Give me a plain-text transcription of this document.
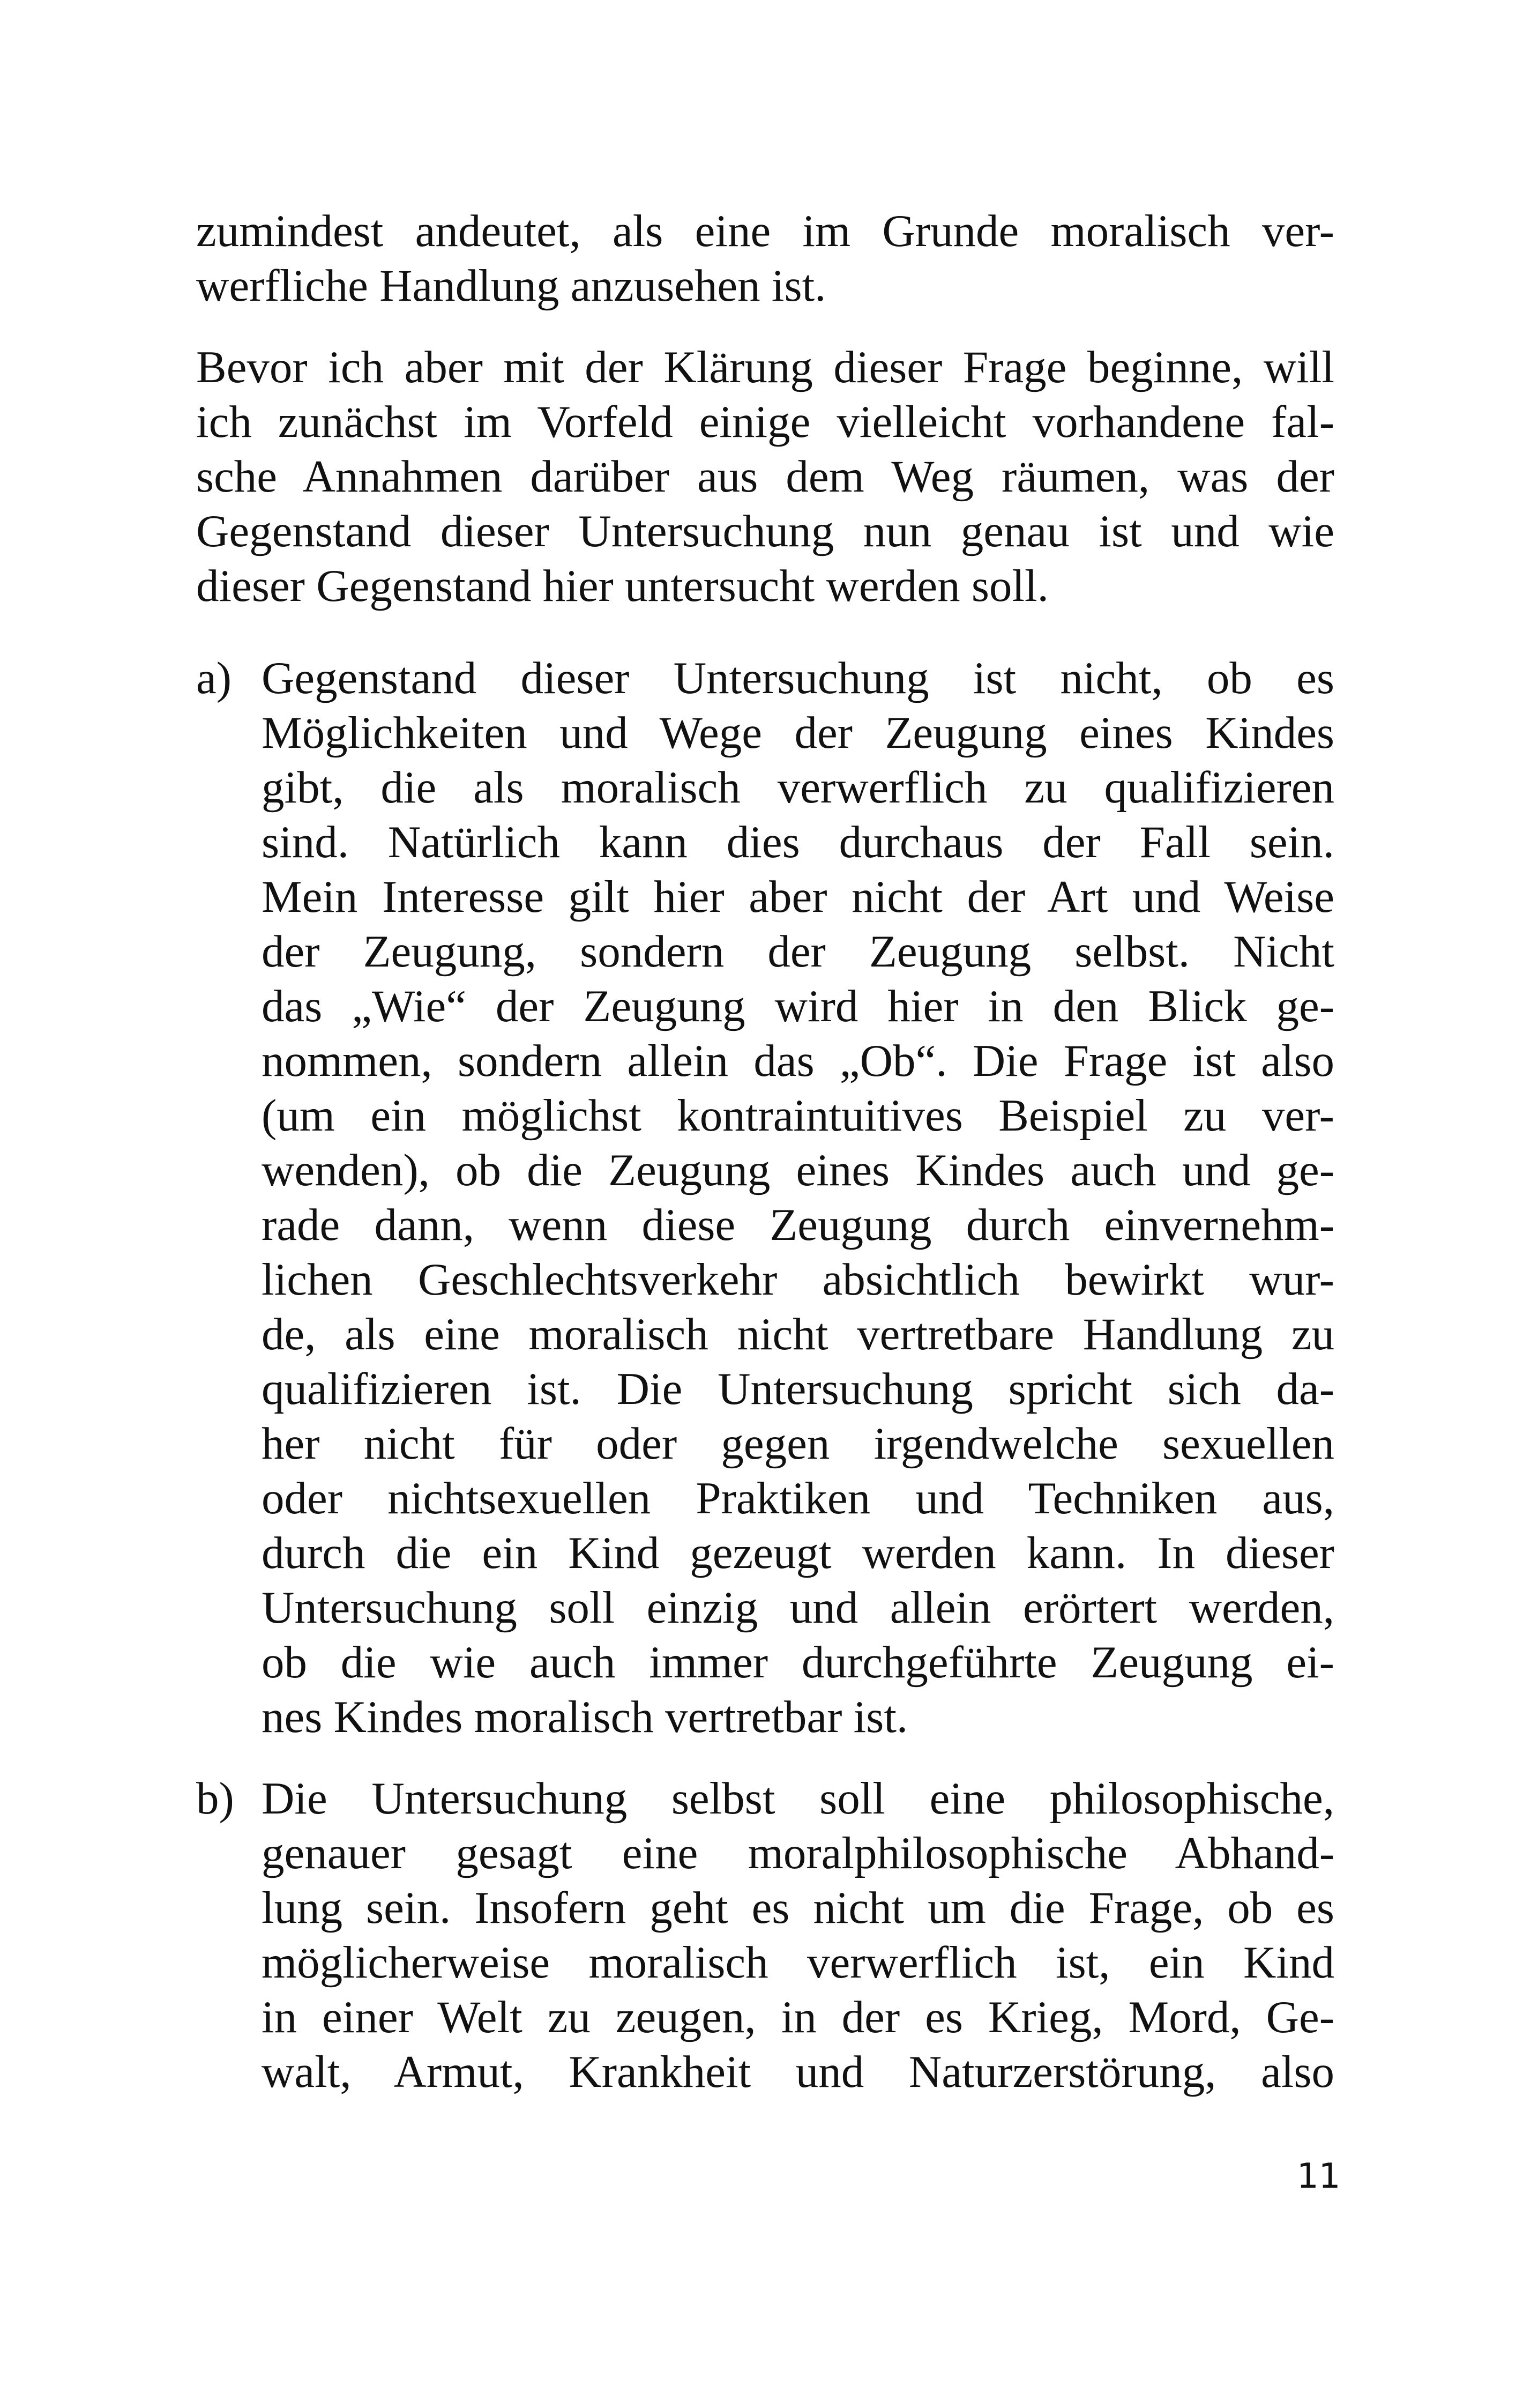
zumindest andeutet, als eine im Grunde moralisch ver-
werfliche Handlung anzusehen ist.
Bevor ich aber mit der Klärung dieser Frage beginne, will
ich zunächst im Vorfeld einige vielleicht vorhandene fal-
sche Annahmen darüber aus dem Weg räumen, was der
Gegenstand dieser Untersuchung nun genau ist und wie
dieser Gegenstand hier untersucht werden soll.
a) Gegenstand dieser Untersuchung ist nicht, ob es
Möglichkeiten und Wege der Zeugung eines Kindes
gibt, die als moralisch verwerflich zu qualifizieren
sind. Natürlich kann dies durchaus der Fall sein.
Mein Interesse gilt hier aber nicht der Art und Weise
der Zeugung, sondern der Zeugung selbst. Nicht
das „Wie“ der Zeugung wird hier in den Blick ge-
nommen, sondern allein das „Ob“. Die Frage ist also
(um ein möglichst kontraintuitives Beispiel zu ver-
wenden), ob die Zeugung eines Kindes auch und ge-
rade dann, wenn diese Zeugung durch einvernehm-
lichen Geschlechtsverkehr absichtlich bewirkt wur-
de, als eine moralisch nicht vertretbare Handlung zu
qualifizieren ist. Die Untersuchung spricht sich da-
her nicht für oder gegen irgendwelche sexuellen
oder nichtsexuellen Praktiken und Techniken aus,
durch die ein Kind gezeugt werden kann. In dieser
Untersuchung soll einzig und allein erörtert werden,
ob die wie auch immer durchgeführte Zeugung ei-
nes Kindes moralisch vertretbar ist.
b) Die Untersuchung selbst soll eine philosophische,
genauer gesagt eine moralphilosophische Abhand-
lung sein. Insofern geht es nicht um die Frage, ob es
möglicherweise moralisch verwerflich ist, ein Kind
in einer Welt zu zeugen, in der es Krieg, Mord, Ge-
walt, Armut, Krankheit und Naturzerstörung, also
11
